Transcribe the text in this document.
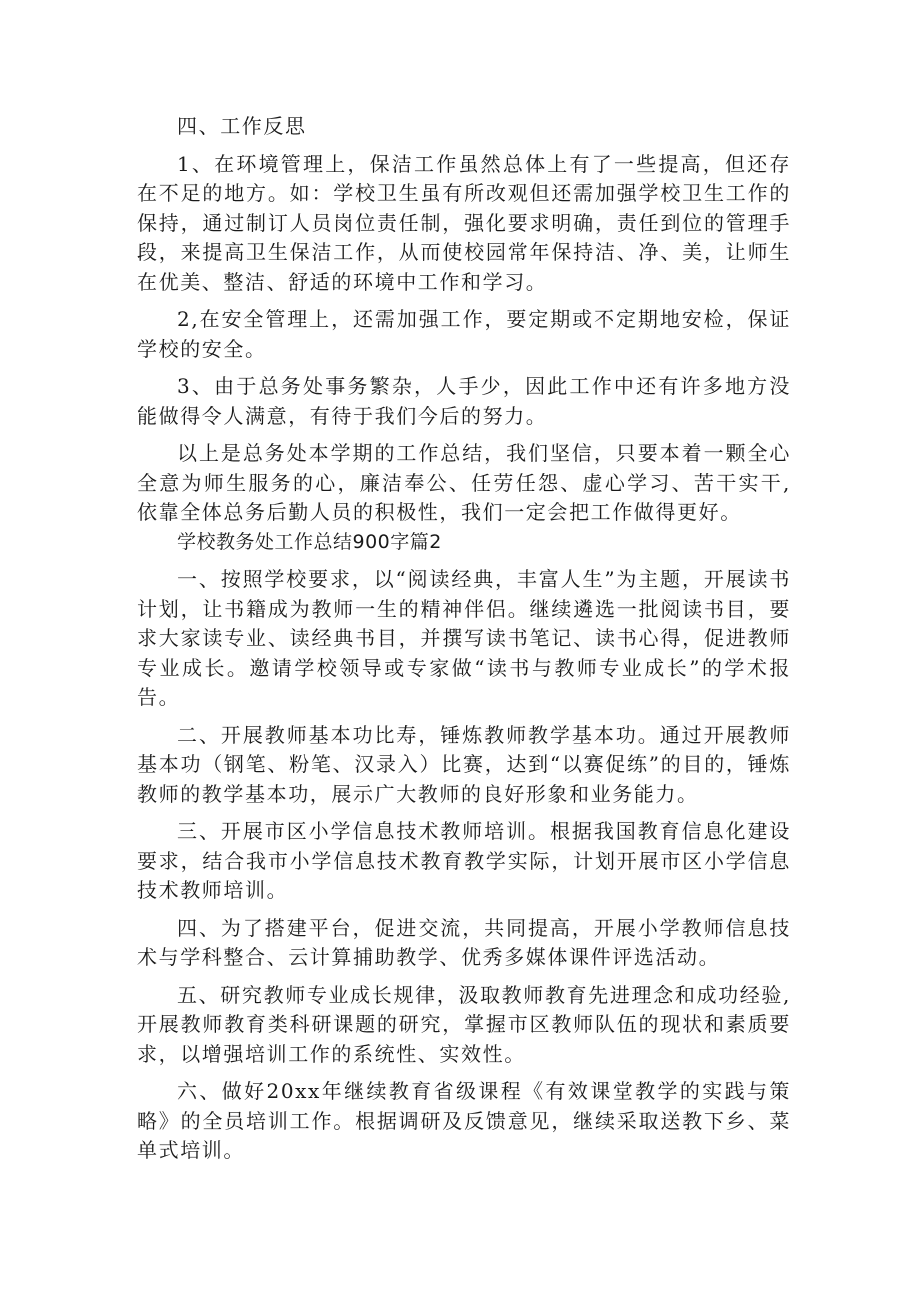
四、工作反思

1、在环境管理上，保洁工作虽然总体上有了一些提高，但还存在不足的地方。如：学校卫生虽有所改观但还需加强学校卫生工作的保持，通过制订人员岗位责任制，强化要求明确，责任到位的管理手段，来提高卫生保洁工作，从而使校园常年保持洁、净、美，让师生在优美、整洁、舒适的环境中工作和学习。

2,在安全管理上，还需加强工作，要定期或不定期地安检，保证学校的安全。

3、由于总务处事务繁杂，人手少，因此工作中还有许多地方没能做得令人满意，有待于我们今后的努力。

以上是总务处本学期的工作总结，我们坚信，只要本着一颗全心全意为师生服务的心，廉洁奉公、任劳任怨、虚心学习、苦干实干,依靠全体总务后勤人员的积极性，我们一定会把工作做得更好。

学校教务处工作总结900字篇2

一、按照学校要求，以“阅读经典，丰富人生”为主题，开展读书计划，让书籍成为教师一生的精神伴侣。继续遴选一批阅读书目，要求大家读专业、读经典书目，并撰写读书笔记、读书心得，促进教师专业成长。邀请学校领导或专家做“读书与教师专业成长”的学术报告。

二、开展教师基本功比寿，锤炼教师教学基本功。通过开展教师基本功（钢笔、粉笔、汉录入）比赛，达到“以赛促练”的目的，锤炼教师的教学基本功，展示广大教师的良好形象和业务能力。

三、开展市区小学信息技术教师培训。根据我国教育信息化建设要求，结合我市小学信息技术教育教学实际，计划开展市区小学信息技术教师培训。

四、为了搭建平台，促进交流，共同提高，开展小学教师信息技术与学科整合、云计算捕助教学、优秀多媒体课件评选活动。

五、研究教师专业成长规律，汲取教师教育先进理念和成功经验,开展教师教育类科研课题的研究，掌握市区教师队伍的现状和素质要求，以增强培训工作的系统性、实效性。

六、做好20xx年继续教育省级课程《有效课堂教学的实践与策略》的全员培训工作。根据调研及反馈意见，继续采取送教下乡、菜单式培训。
